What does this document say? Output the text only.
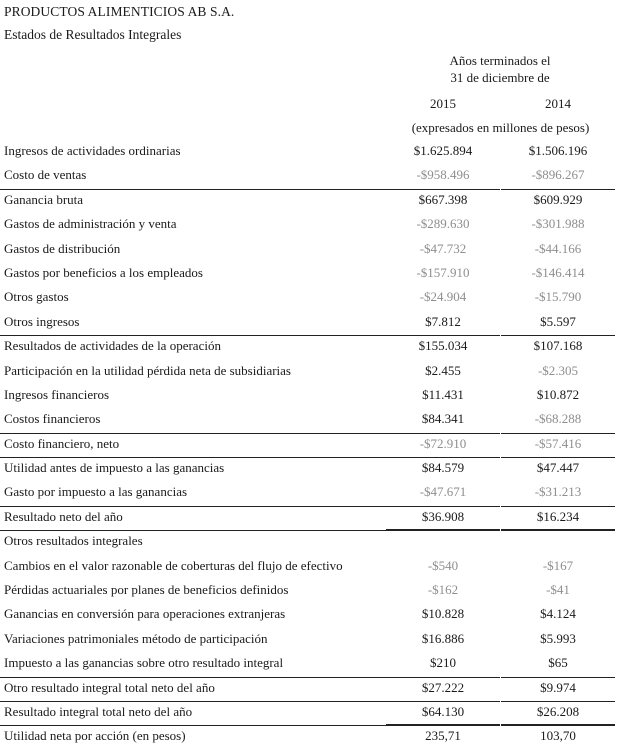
PRODUCTOS ALIMENTICIOS AB S.A.
Estados de Resultados Integrales
Años terminados el
31 de diciembre de
2015	2014
(expresados en millones de pesos)
Ingresos de actividades ordinarias	$1.625.894	$1.506.196
Costo de ventas	-$958.496	-$896.267
Ganancia bruta	$667.398	$609.929
Gastos de administración y venta	-$289.630	-$301.988
Gastos de distribución	-$47.732	-$44.166
Gastos por beneficios a los empleados	-$157.910	-$146.414
Otros gastos	-$24.904	-$15.790
Otros ingresos	$7.812	$5.597
Resultados de actividades de la operación	$155.034	$107.168
Participación en la utilidad pérdida neta de subsidiarias	$2.455	-$2.305
Ingresos financieros	$11.431	$10.872
Costos financieros	$84.341	-$68.288
Costo financiero, neto	-$72.910	-$57.416
Utilidad antes de impuesto a las ganancias	$84.579	$47.447
Gasto por impuesto a las ganancias	-$47.671	-$31.213
Resultado neto del año	$36.908	$16.234
Otros resultados integrales
Cambios en el valor razonable de coberturas del flujo de efectivo	-$540	-$167
Pérdidas actuariales por planes de beneficios definidos	-$162	-$41
Ganancias en conversión para operaciones extranjeras	$10.828	$4.124
Variaciones patrimoniales método de participación	$16.886	$5.993
Impuesto a las ganancias sobre otro resultado integral	$210	$65
Otro resultado integral total neto del año	$27.222	$9.974
Resultado integral total neto del año	$64.130	$26.208
Utilidad neta por acción (en pesos)	235,71	103,70
